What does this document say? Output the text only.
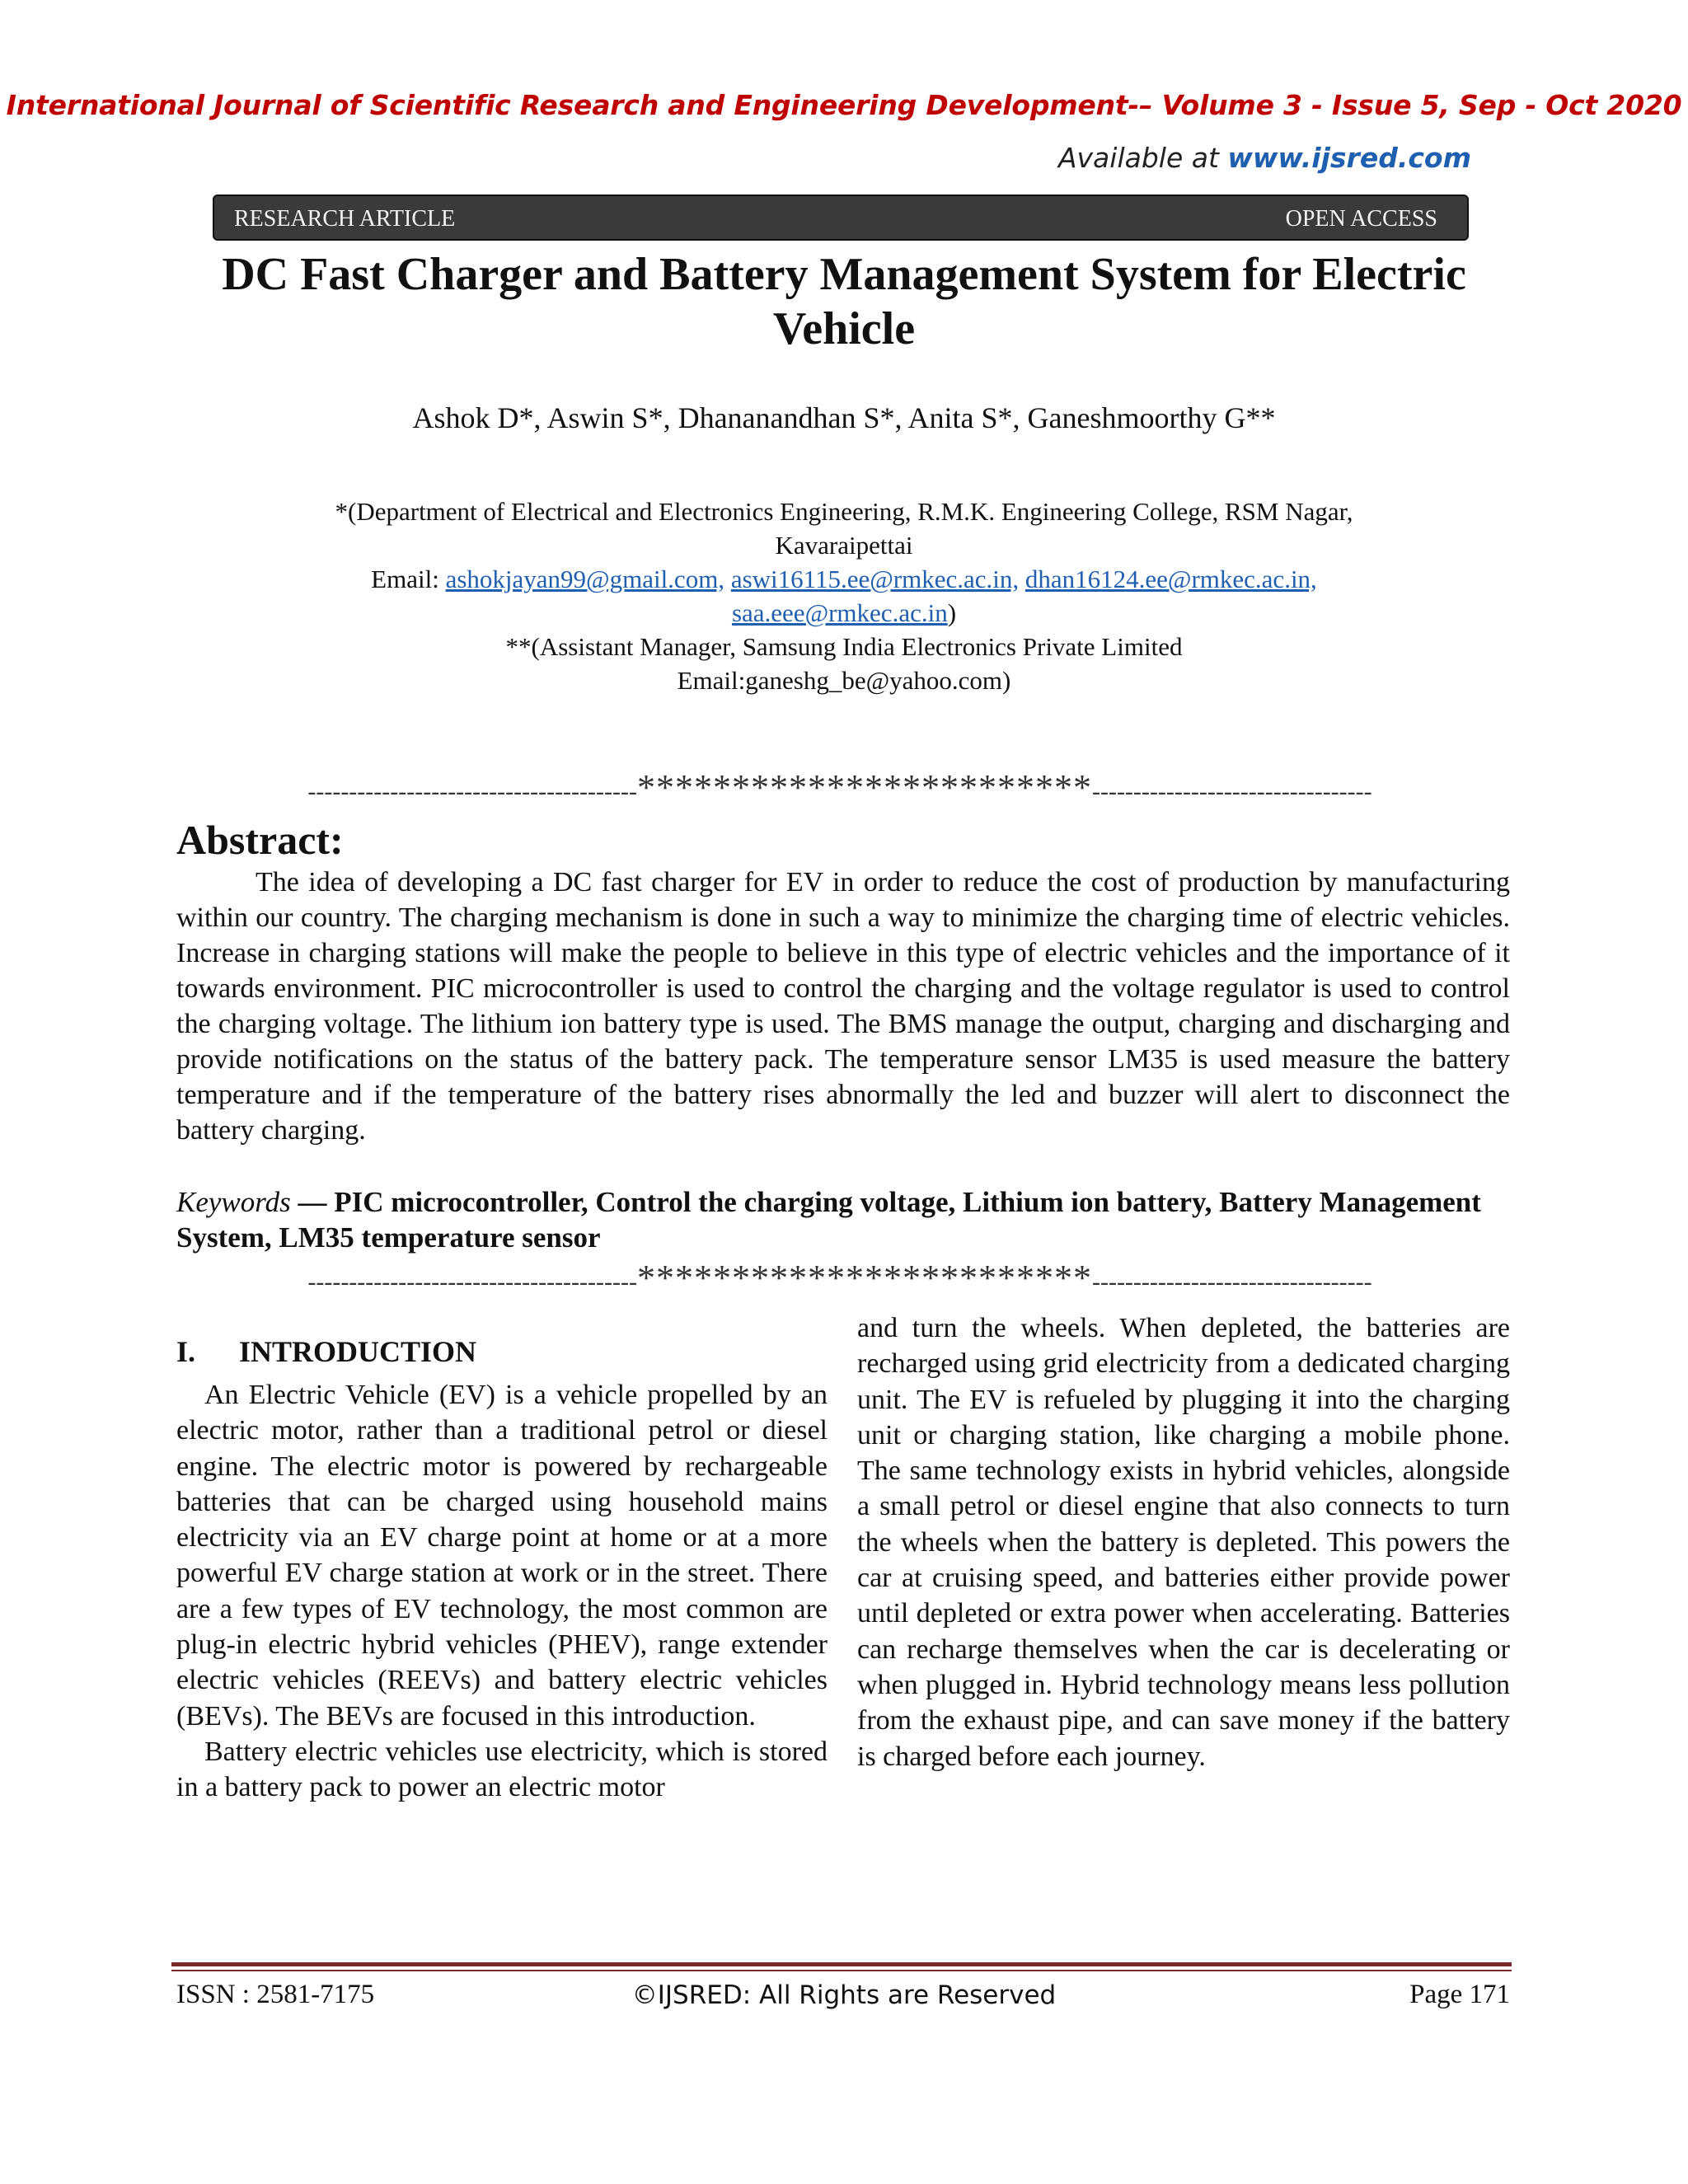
International Journal of Scientific Research and Engineering Development-– Volume 3 - Issue 5, Sep - Oct 2020
Available at www.ijsred.com
RESEARCH ARTICLE	OPEN ACCESS
DC Fast Charger and Battery Management System for Electric
Vehicle
Ashok D*, Aswin S*, Dhananandhan S*, Anita S*, Ganeshmoorthy G**
*(Department of Electrical and Electronics Engineering, R.M.K. Engineering College, RSM Nagar,
Kavaraipettai
Email: ashokjayan99@gmail.com, aswi16115.ee@rmkec.ac.in, dhan16124.ee@rmkec.ac.in,
saa.eee@rmkec.ac.in)
**(Assistant Manager, Samsung India Electronics Private Limited
Email:ganeshg_be@yahoo.com)
----------------------------------------************************----------------------------------
Abstract:

The idea of developing a DC fast charger for EV in order to reduce the cost of production by manufacturing within our country. The charging mechanism is done in such a way to minimize the charging time of electric vehicles. Increase in charging stations will make the people to believe in this type of electric vehicles and the importance of it towards environment. PIC microcontroller is used to control the charging and the voltage regulator is used to control the charging voltage. The lithium ion battery type is used. The BMS manage the output, charging and discharging and provide notifications on the status of the battery pack. The temperature sensor LM35 is used measure the battery temperature and if the temperature of the battery rises abnormally the led and buzzer will alert to disconnect the battery charging.

Keywords — PIC microcontroller, Control the charging voltage, Lithium ion battery, Battery Management System, LM35 temperature sensor

----------------------------------------************************----------------------------------
I. INTRODUCTION

An Electric Vehicle (EV) is a vehicle propelled by an electric motor, rather than a traditional petrol or diesel engine. The electric motor is powered by rechargeable batteries that can be charged using household mains electricity via an EV charge point at home or at a more powerful EV charge station at work or in the street. There are a few types of EV technology, the most common are plug-in electric hybrid vehicles (PHEV), range extender electric vehicles (REEVs) and battery electric vehicles (BEVs). The BEVs are focused in this introduction.

Battery electric vehicles use electricity, which is stored in a battery pack to power an electric motor

and turn the wheels. When depleted, the batteries are recharged using grid electricity from a dedicated charging unit. The EV is refueled by plugging it into the charging unit or charging station, like charging a mobile phone. The same technology exists in hybrid vehicles, alongside a small petrol or diesel engine that also connects to turn the wheels when the battery is depleted. This powers the car at cruising speed, and batteries either provide power until depleted or extra power when accelerating. Batteries can recharge themselves when the car is decelerating or when plugged in. Hybrid technology means less pollution from the exhaust pipe, and can save money if the battery is charged before each journey.

ISSN : 2581-7175	©IJSRED: All Rights are Reserved	Page 171
